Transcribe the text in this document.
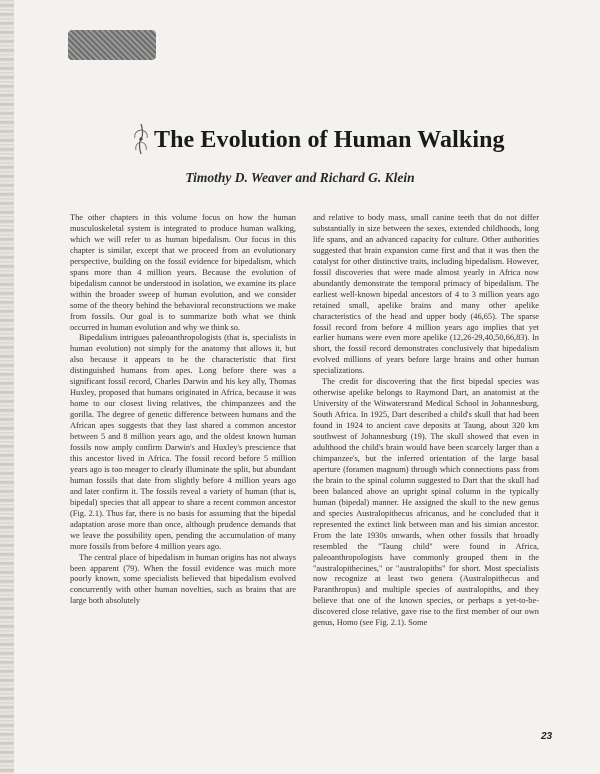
The Evolution of Human Walking
Timothy D. Weaver and Richard G. Klein

The other chapters in this volume focus on how the human musculoskeletal system is integrated to produce human walking, which we will refer to as human bipedalism. Our focus in this chapter is similar, except that we proceed from an evolutionary perspective, building on the fossil evidence for bipedalism, which spans more than 4 million years. Because the evolution of bipedalism cannot be understood in isolation, we examine its place within the broader sweep of human evolution, and we consider some of the theory behind the behavioral reconstructions we make from fossils. Our goal is to summarize both what we think occurred in human evolution and why we think so.

Bipedalism intrigues paleoanthropologists (that is, specialists in human evolution) not simply for the anatomy that allows it, but also because it appears to be the characteristic that first distinguished humans from apes. Long before there was a significant fossil record, Charles Darwin and his key ally, Thomas Huxley, proposed that humans originated in Africa, because it was home to our closest living relatives, the chimpanzees and the gorilla. The degree of genetic difference between humans and the African apes suggests that they last shared a common ancestor between 5 and 8 million years ago, and the oldest known human fossils now amply confirm Darwin's and Huxley's prescience that this ancestor lived in Africa. The fossil record before 5 million years ago is too meager to clearly illuminate the split, but abundant human fossils that date from slightly before 4 million years ago and later confirm it. The fossils reveal a variety of human (that is, bipedal) species that all appear to share a recent common ancestor (Fig. 2.1). Thus far, there is no basis for assuming that the bipedal adaptation arose more than once, although prudence demands that we leave the possibility open, pending the accumulation of many more fossils from before 4 million years ago.

The central place of bipedalism in human origins has not always been apparent (79). When the fossil evidence was much more poorly known, some specialists believed that bipedalism evolved concurrently with other human novelties, such as brains that are large both absolutely

and relative to body mass, small canine teeth that do not differ substantially in size between the sexes, extended childhoods, long life spans, and an advanced capacity for culture. Other authorities suggested that brain expansion came first and that it was then the catalyst for other distinctive traits, including bipedalism. However, fossil discoveries that were made almost yearly in Africa now abundantly demonstrate the temporal primacy of bipedalism. The earliest well-known bipedal ancestors of 4 to 3 million years ago retained small, apelike brains and many other apelike characteristics of the head and upper body (46,65). The sparse fossil record from before 4 million years ago implies that yet earlier humans were even more apelike (12,26-29,40,50,66,83). In short, the fossil record demonstrates conclusively that bipedalism evolved millions of years before large brains and other human specializations.

The credit for discovering that the first bipedal species was otherwise apelike belongs to Raymond Dart, an anatomist at the University of the Witwatersrand Medical School in Johannesburg, South Africa. In 1925, Dart described a child's skull that had been found in 1924 to ancient cave deposits at Taung, about 320 km southwest of Johannesburg (19). The skull showed that even in adulthood the child's brain would have been scarcely larger than a chimpanzee's, but the inferred orientation of the large basal aperture (foramen magnum) through which connections pass from the brain to the spinal column suggested to Dart that the skull had been balanced above an upright spinal column in the typically human (bipedal) manner. He assigned the skull to the new genus and species Australopithecus africanus, and he concluded that it represented the extinct link between man and his simian ancestor. From the late 1930s onwards, when other fossils that broadly resembled the "Taung child" were found in Africa, paleoanthropologists have commonly grouped them in the "australopithecines," or "australopiths" for short. Most specialists now recognize at least two genera (Australopithecus and Paranthropus) and multiple species of australopiths, and they believe that one of the known species, or perhaps a yet-to-be-discovered close relative, gave rise to the first member of our own genus, Homo (see Fig. 2.1). Some

23
